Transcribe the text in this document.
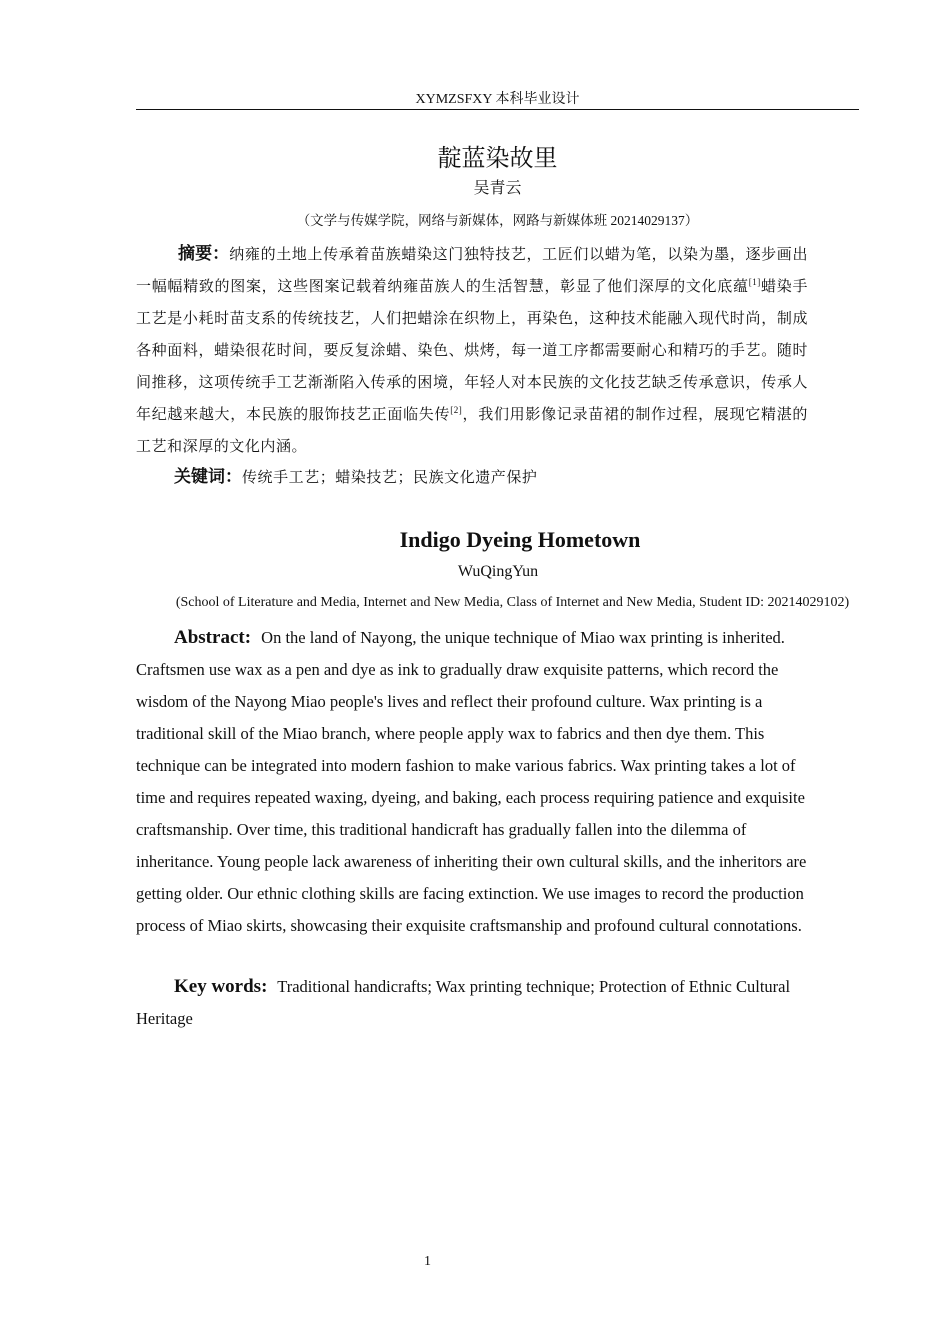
XYMZSFXY 本科毕业设计
靛蓝染故里
吴青云
（文学与传媒学院，网络与新媒体，网路与新媒体班 20214029137）

摘要：纳雍的土地上传承着苗族蜡染这门独特技艺，工匠们以蜡为笔，以染为墨，逐步画出一幅幅精致的图案，这些图案记载着纳雍苗族人的生活智慧，彰显了他们深厚的文化底蕴[1]蜡染手工艺是小耗时苗支系的传统技艺，人们把蜡涂在织物上，再染色，这种技术能融入现代时尚，制成各种面料，蜡染很花时间，要反复涂蜡、染色、烘烤，每一道工序都需要耐心和精巧的手艺。随时间推移，这项传统手工艺渐渐陷入传承的困境，年轻人对本民族的文化技艺缺乏传承意识，传承人年纪越来越大，本民族的服饰技艺正面临失传[2]，我们用影像记录苗裙的制作过程，展现它精湛的工艺和深厚的文化内涵。

关键词：传统手工艺；蜡染技艺；民族文化遗产保护

Indigo Dyeing Hometown
WuQingYun
(School of Literature and Media, Internet and New Media, Class of Internet and New Media, Student ID: 20214029102)

Abstract: On the land of Nayong, the unique technique of Miao wax printing is inherited. Craftsmen use wax as a pen and dye as ink to gradually draw exquisite patterns, which record the wisdom of the Nayong Miao people's lives and reflect their profound culture. Wax printing is a traditional skill of the Miao branch, where people apply wax to fabrics and then dye them. This technique can be integrated into modern fashion to make various fabrics. Wax printing takes a lot of time and requires repeated waxing, dyeing, and baking, each process requiring patience and exquisite craftsmanship. Over time, this traditional handicraft has gradually fallen into the dilemma of inheritance. Young people lack awareness of inheriting their own cultural skills, and the inheritors are getting older. Our ethnic clothing skills are facing extinction. We use images to record the production process of Miao skirts, showcasing their exquisite craftsmanship and profound cultural connotations.

Key words: Traditional handicrafts; Wax printing technique; Protection of Ethnic Cultural Heritage

1
